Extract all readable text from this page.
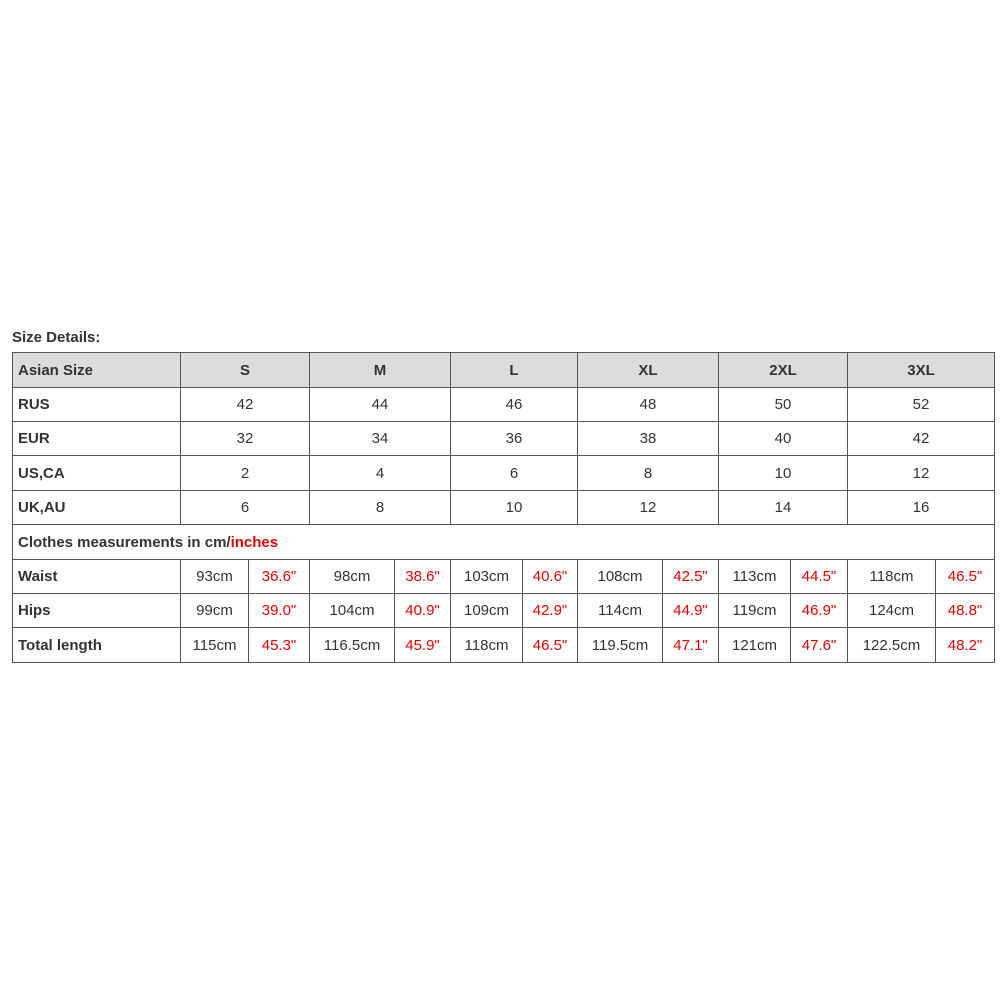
Size Details:
Asian Size	S	M	L	XL	2XL	3XL
RUS	42	44	46	48	50	52
EUR	32	34	36	38	40	42
US,CA	2	4	6	8	10	12
UK,AU	6	8	10	12	14	16
Clothes measurements in cm/ inches
Waist	93cm	36.6"	98cm	38.6"	103cm	40.6"	108cm	42.5"	113cm	44.5"	118cm	46.5"
Hips	99cm	39.0"	104cm	40.9"	109cm	42.9"	114cm	44.9"	119cm	46.9"	124cm	48.8"
Total length	115cm	45.3"	116.5cm	45.9"	118cm	46.5"	119.5cm	47.1"	121cm	47.6"	122.5cm	48.2"
